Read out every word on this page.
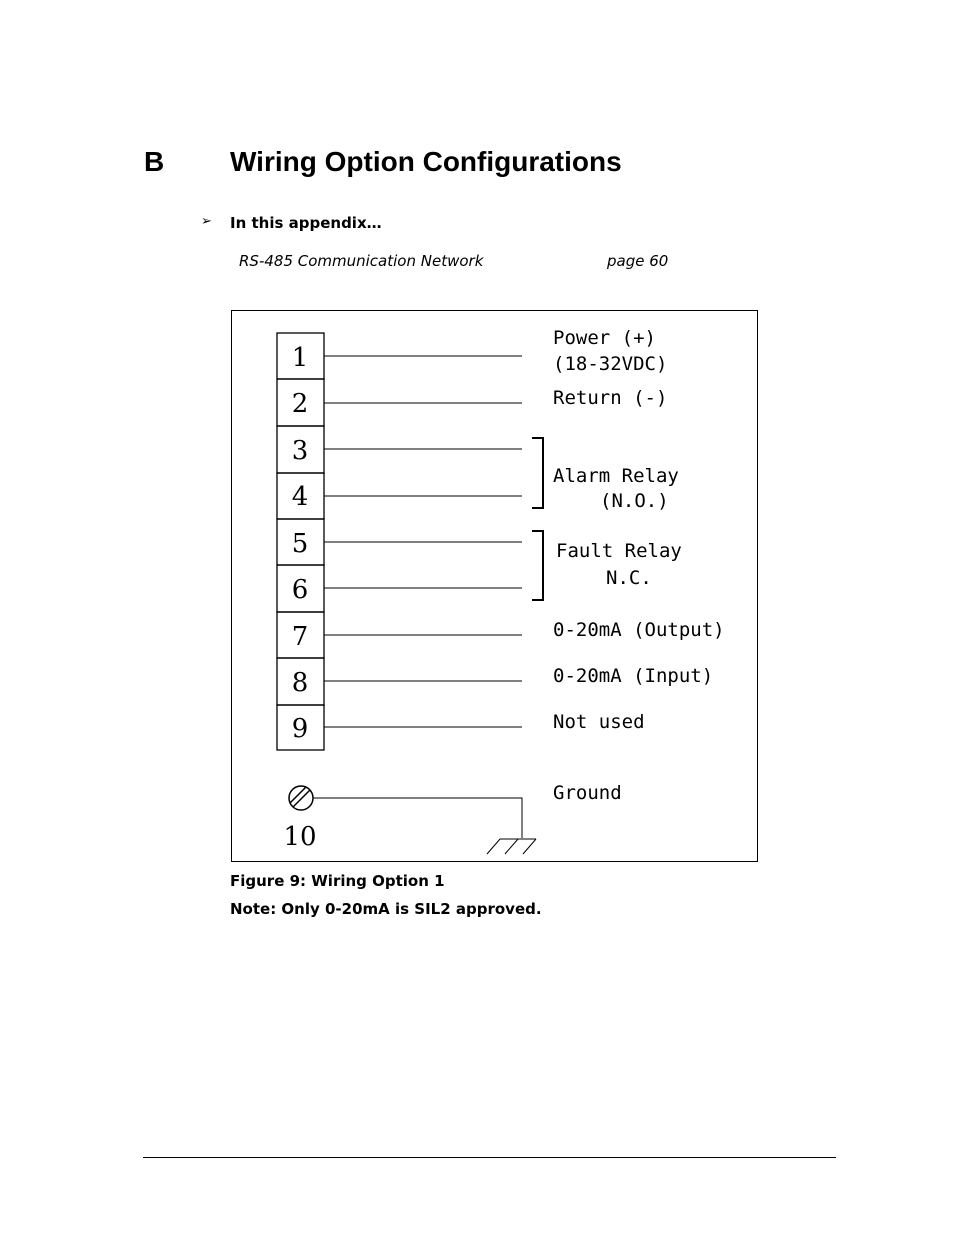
B Wiring Option Configurations
➢ In this appendix…
RS-485 Communication Network	page 60
1
2
3
4
5
6
7
8
9
10
Power (+)
(18-32VDC)
Return (-)
Alarm Relay
(N.O.)
Fault Relay
N.C.
0-20mA (Output)
0-20mA (Input)
Not used
Ground
Figure 9: Wiring Option 1
Note: Only 0-20mA is SIL2 approved.
